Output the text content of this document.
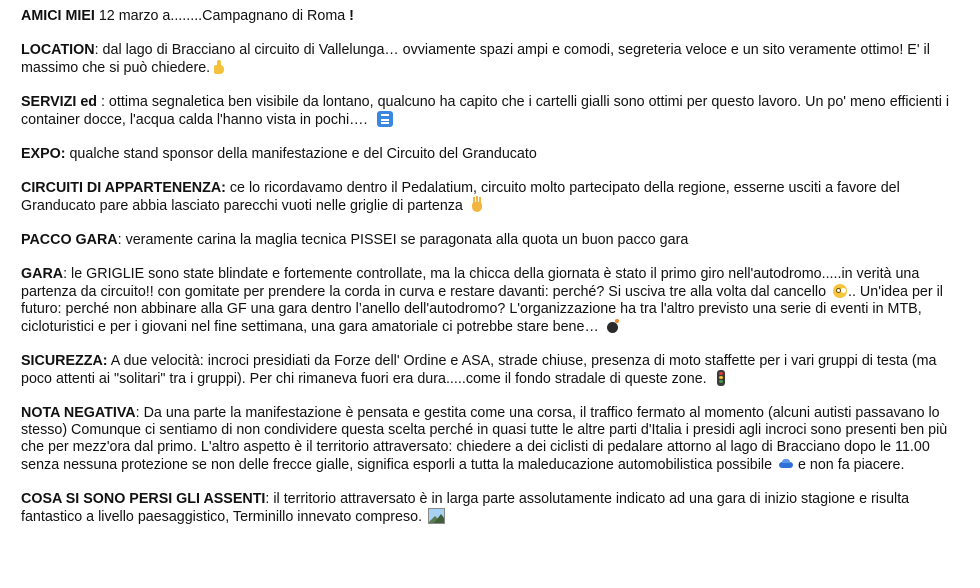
AMICI MIEI 12 marzo a........Campagnano di Roma !

LOCATION: dal lago di Bracciano al circuito di Vallelunga… ovviamente spazi ampi e comodi, segreteria veloce e un sito veramente ottimo! E' il massimo che si può chiedere.

SERVIZI ed : ottima segnaletica ben visibile da lontano, qualcuno ha capito che i cartelli gialli sono ottimi per questo lavoro. Un po' meno efficienti i container docce, l'acqua calda l'hanno vista in pochi….

EXPO: qualche stand sponsor della manifestazione e del Circuito del Granducato

CIRCUITI DI APPARTENENZA: ce lo ricordavamo dentro il Pedalatium, circuito molto partecipato della regione, esserne usciti a favore del Granducato pare abbia lasciato parecchi vuoti nelle griglie di partenza

PACCO GARA: veramente carina la maglia tecnica PISSEI se paragonata alla quota un buon pacco gara

GARA: le GRIGLIE sono state blindate e fortemente controllate, ma la chicca della giornata è stato il primo giro nell'autodromo.....in verità una partenza da circuito!! con gomitate per prendere la corda in curva e restare davanti: perché? Si usciva tre alla volta dal cancello .. Un'idea per il futuro: perché non abbinare alla GF una gara dentro l’anello dell'autodromo? L'organizzazione ha tra l'altro previsto una serie di eventi in MTB, cicloturistici e per i giovani nel fine settimana, una gara amatoriale ci potrebbe stare bene…

SICUREZZA: A due velocità: incroci presidiati da Forze dell' Ordine e ASA, strade chiuse, presenza di moto staffette per i vari gruppi di testa (ma poco attenti ai "solitari" tra i gruppi). Per chi rimaneva fuori era dura.....come il fondo stradale di queste zone.

NOTA NEGATIVA: Da una parte la manifestazione è pensata e gestita come una corsa, il traffico fermato al momento (alcuni autisti passavano lo stesso) Comunque ci sentiamo di non condividere questa scelta perché in quasi tutte le altre parti d'Italia i presidi agli incroci sono presenti ben più che per mezz'ora dal primo. L'altro aspetto è il territorio attraversato: chiedere a dei ciclisti di pedalare attorno al lago di Bracciano dopo le 11.00 senza nessuna protezione se non delle frecce gialle, significa esporli a tutta la maleducazione automobilistica possibile  e non fa piacere.

COSA SI SONO PERSI GLI ASSENTI: il territorio attraversato è in larga parte assolutamente indicato ad una gara di inizio stagione e risulta fantastico a livello paesaggistico, Terminillo innevato compreso.
